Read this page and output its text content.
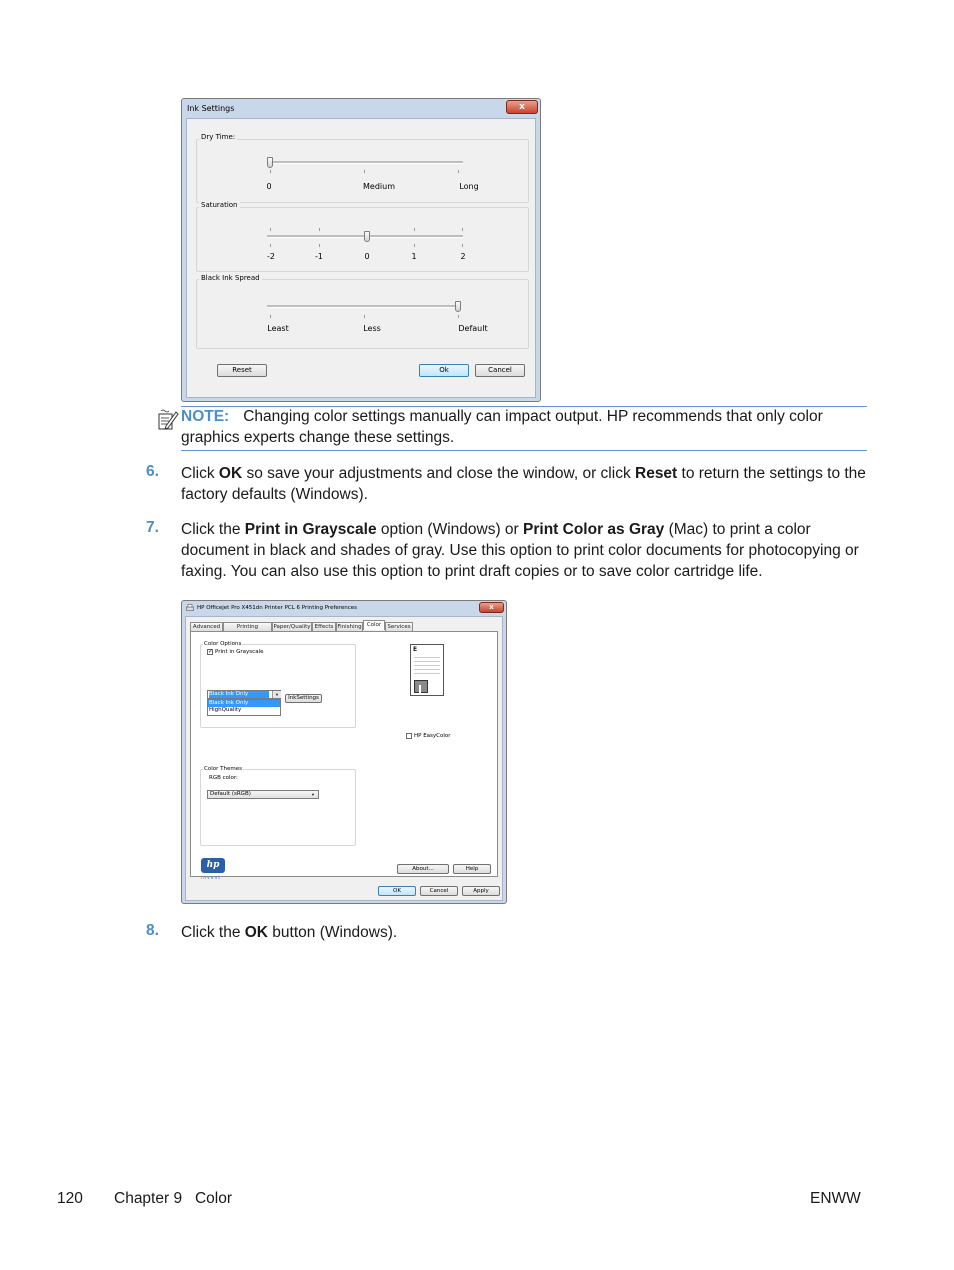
Ink Settings	x
Dry Time:
0	Medium	Long
Saturation
-2	-1	0	1	2
Black Ink Spread
Least	Less	Default
Reset	Ok	Cancel
NOTE: Changing color settings manually can impact output. HP recommends that only color graphics experts change these settings.
6. Click OK so save your adjustments and close the window, or click Reset to return the settings to the factory defaults (Windows).
7. Click the Print in Grayscale option (Windows) or Print Color as Gray (Mac) to print a color document in black and shades of gray. Use this option to print color documents for photocopying or faxing. You can also use this option to print draft copies or to save color cartridge life.
HP Officejet Pro X451dn Printer PCL 6 Printing Preferences	x
Advanced	Printing	Paper/Quality Effects Finishing Color	Services
Color Options
✓ Print in Grayscale
Black Ink Only	▼
Black Ink Only
HighQuality
InkSettings
E
HP EasyColor
Color Themes
RGB color:
Default (sRGB)	▼
hp	About...	Help
i n v e n t
OK	Cancel	Apply
8. Click the OK button (Windows).
120 Chapter 9   Color	ENWW
